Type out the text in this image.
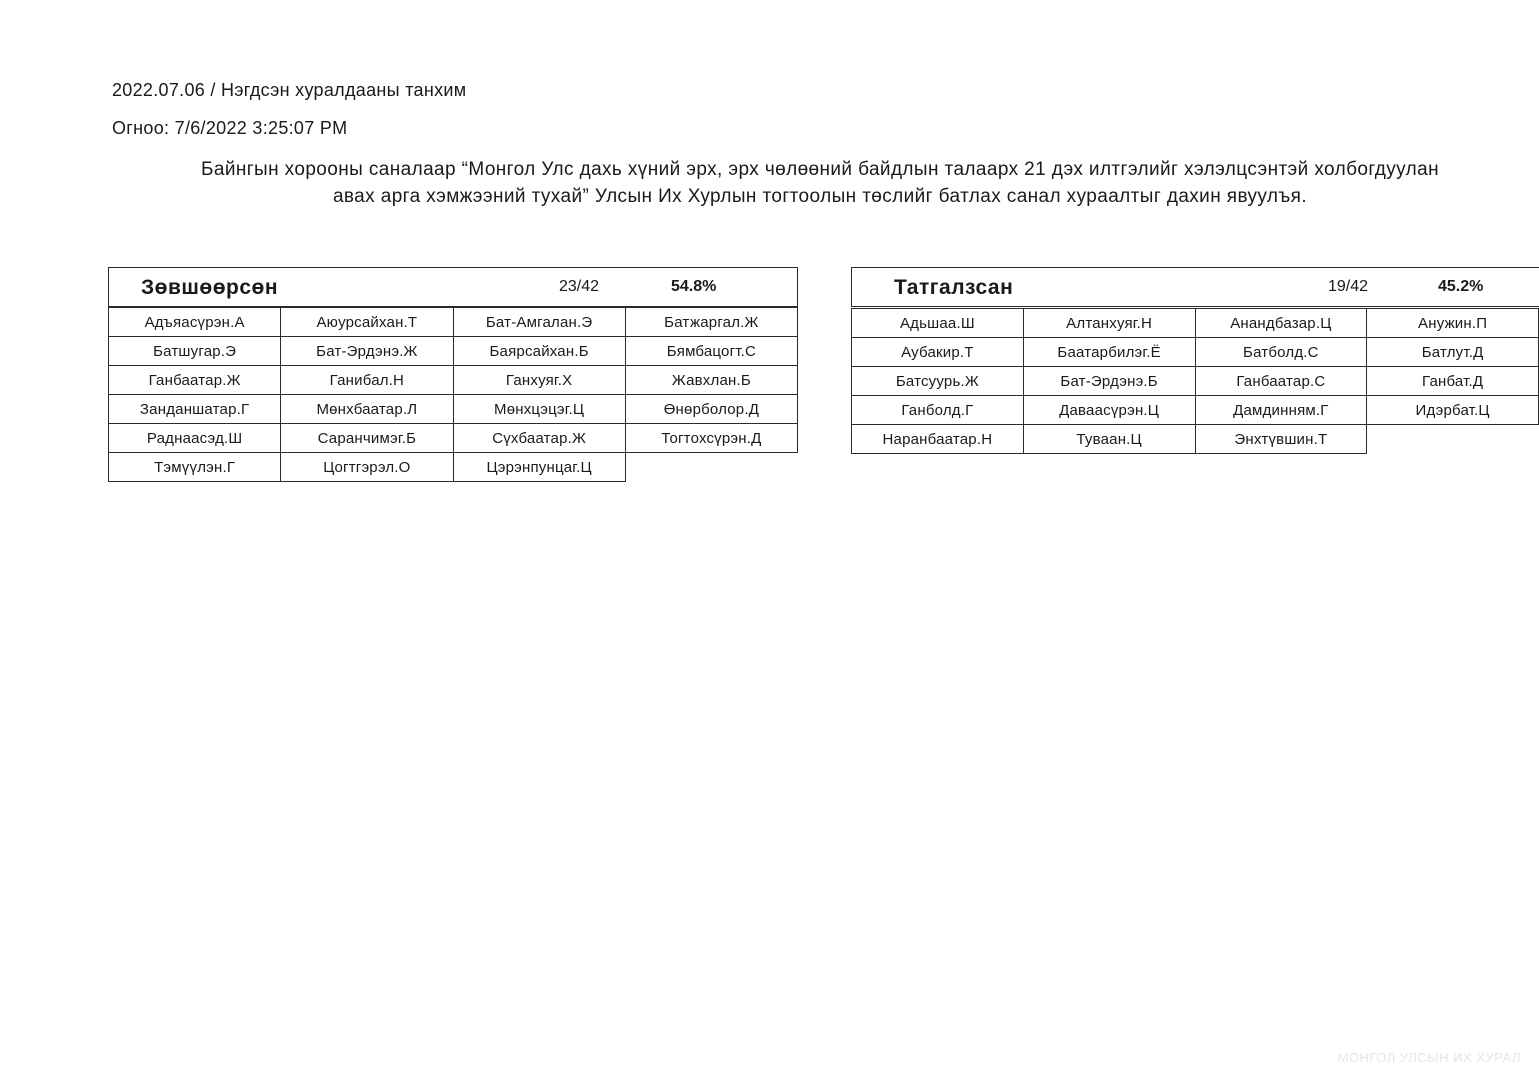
2022.07.06 / Нэгдсэн хуралдааны танхим
Огноо: 7/6/2022 3:25:07 PM
Байнгын хорооны саналаар “Монгол Улс дахь хүний эрх, эрх чөлөөний байдлын талаарх 21 дэх илтгэлийг хэлэлцсэнтэй холбогдуулан
авах арга хэмжээний тухай” Улсын Их Хурлын тогтоолын төслийг батлах санал хураалтыг дахин явуулъя.
Зөвшөөрсөн	23/42	54.8%
Адъяасүрэн.А	Аюурсайхан.Т	Бат-Амгалан.Э	Батжаргал.Ж
Батшугар.Э	Бат-Эрдэнэ.Ж	Баярсайхан.Б	Бямбацогт.С
Ганбаатар.Ж	Ганибал.Н	Ганхуяг.Х	Жавхлан.Б
Занданшатар.Г	Мөнхбаатар.Л	Мөнхцэцэг.Ц	Өнөрболор.Д
Раднаасэд.Ш	Саранчимэг.Б	Сүхбаатар.Ж	Тогтохсүрэн.Д
Тэмүүлэн.Г	Цогтгэрэл.О	Цэрэнпунцаг.Ц	
Татгалзсан	19/42	45.2%
Адьшаа.Ш	Алтанхуяг.Н	Анандбазар.Ц	Анужин.П
Аубакир.Т	Баатарбилэг.Ё	Батболд.С	Батлут.Д
Батсуурь.Ж	Бат-Эрдэнэ.Б	Ганбаатар.С	Ганбат.Д
Ганболд.Г	Даваасүрэн.Ц	Дамдинням.Г	Идэрбат.Ц
Наранбаатар.Н	Туваан.Ц	Энхтүвшин.Т	
МОНГОЛ УЛСЫН ИХ ХУРАЛ
